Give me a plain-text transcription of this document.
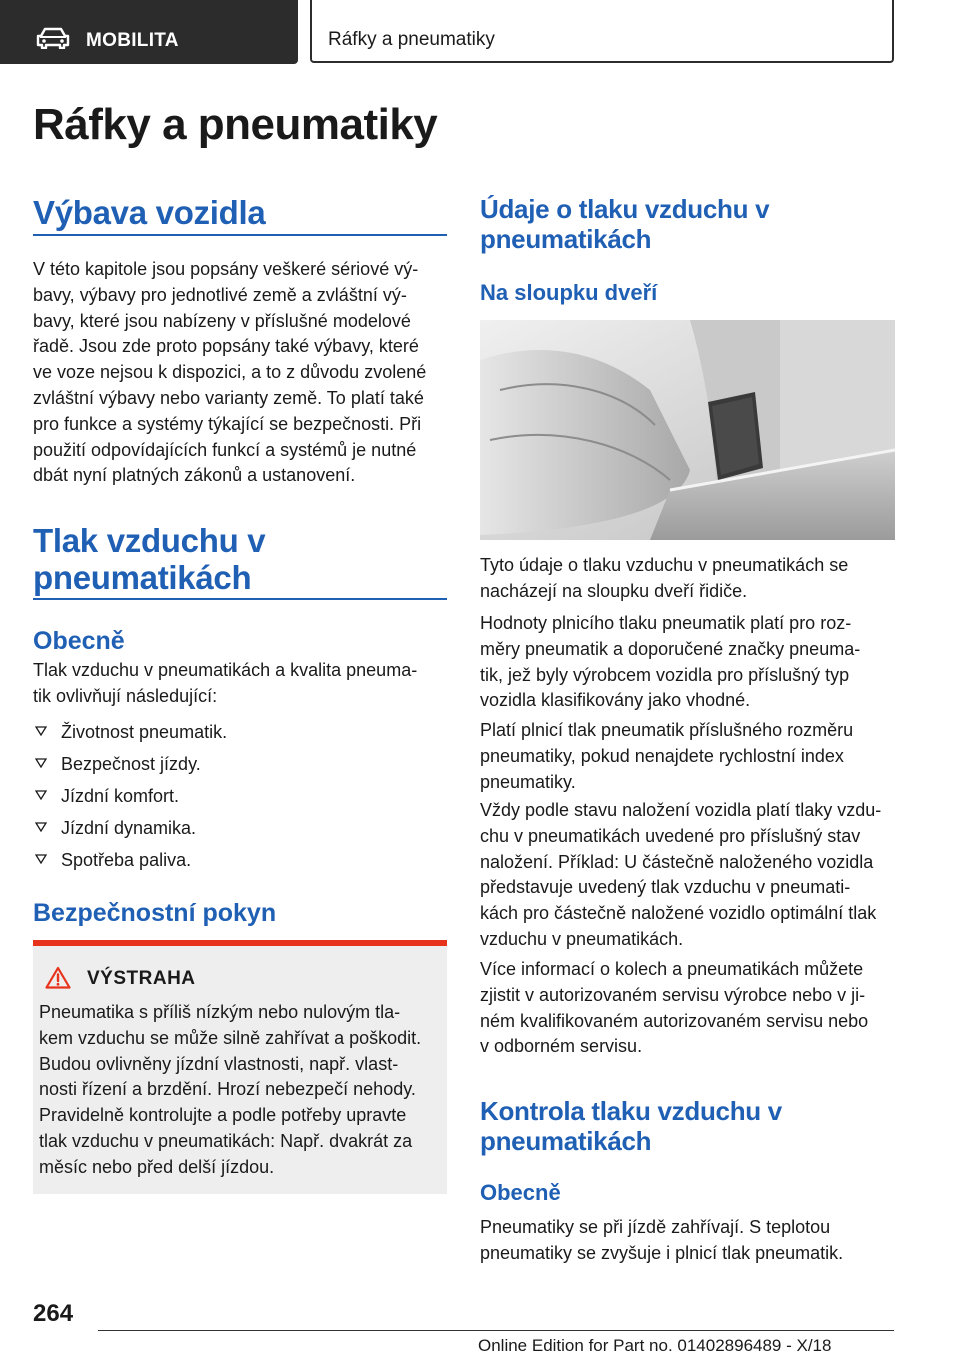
MOBILITA	Ráfky a pneumatiky
Ráfky a pneumatiky
Výbava vozidla

V této kapitole jsou popsány veškeré sériové vý‐
bavy, výbavy pro jednotlivé země a zvláštní vý‐
bavy, které jsou nabízeny v příslušné modelové
řadě. Jsou zde proto popsány také výbavy, které
ve voze nejsou k dispozici, a to z důvodu zvolené
zvláštní výbavy nebo varianty země. To platí také
pro funkce a systémy týkající se bezpečnosti. Při
použití odpovídajících funkcí a systémů je nutné
dbát nyní platných zákonů a ustanovení.

Tlak vzduchu v
pneumatikách
Obecně

Tlak vzduchu v pneumatikách a kvalita pneuma‐
tik ovlivňují následující:

Životnost pneumatik.
Bezpečnost jízdy.
Jízdní komfort.
Jízdní dynamika.
Spotřeba paliva.
Bezpečnostní pokyn
VÝSTRAHA

Pneumatika s příliš nízkým nebo nulovým tla‐
kem vzduchu se může silně zahřívat a poškodit.
Budou ovlivněny jízdní vlastnosti, např. vlast‐
nosti řízení a brzdění. Hrozí nebezpečí nehody.
Pravidelně kontrolujte a podle potřeby upravte
tlak vzduchu v pneumatikách: Např. dvakrát za
měsíc nebo před delší jízdou.

Údaje o tlaku vzduchu v
pneumatikách
Na sloupku dveří

Tyto údaje o tlaku vzduchu v pneumatikách se
nacházejí na sloupku dveří řidiče.

Hodnoty plnicího tlaku pneumatik platí pro roz‐
měry pneumatik a doporučené značky pneuma‐
tik, jež byly výrobcem vozidla pro příslušný typ
vozidla klasifikovány jako vhodné.

Platí plnicí tlak pneumatik příslušného rozměru
pneumatiky, pokud nenajdete rychlostní index
pneumatiky.

Vždy podle stavu naložení vozidla platí tlaky vzdu‐
chu v pneumatikách uvedené pro příslušný stav
naložení. Příklad: U částečně naloženého vozidla
představuje uvedený tlak vzduchu v pneumati‐
kách pro částečně naložené vozidlo optimální tlak
vzduchu v pneumatikách.

Více informací o kolech a pneumatikách můžete
zjistit v autorizovaném servisu výrobce nebo v ji‐
ném kvalifikovaném autorizovaném servisu nebo
v odborném servisu.

Kontrola tlaku vzduchu v
pneumatikách
Obecně

Pneumatiky se při jízdě zahřívají. S teplotou
pneumatiky se zvyšuje i plnicí tlak pneumatik.

264
Online Edition for Part no. 01402896489 - X/18
